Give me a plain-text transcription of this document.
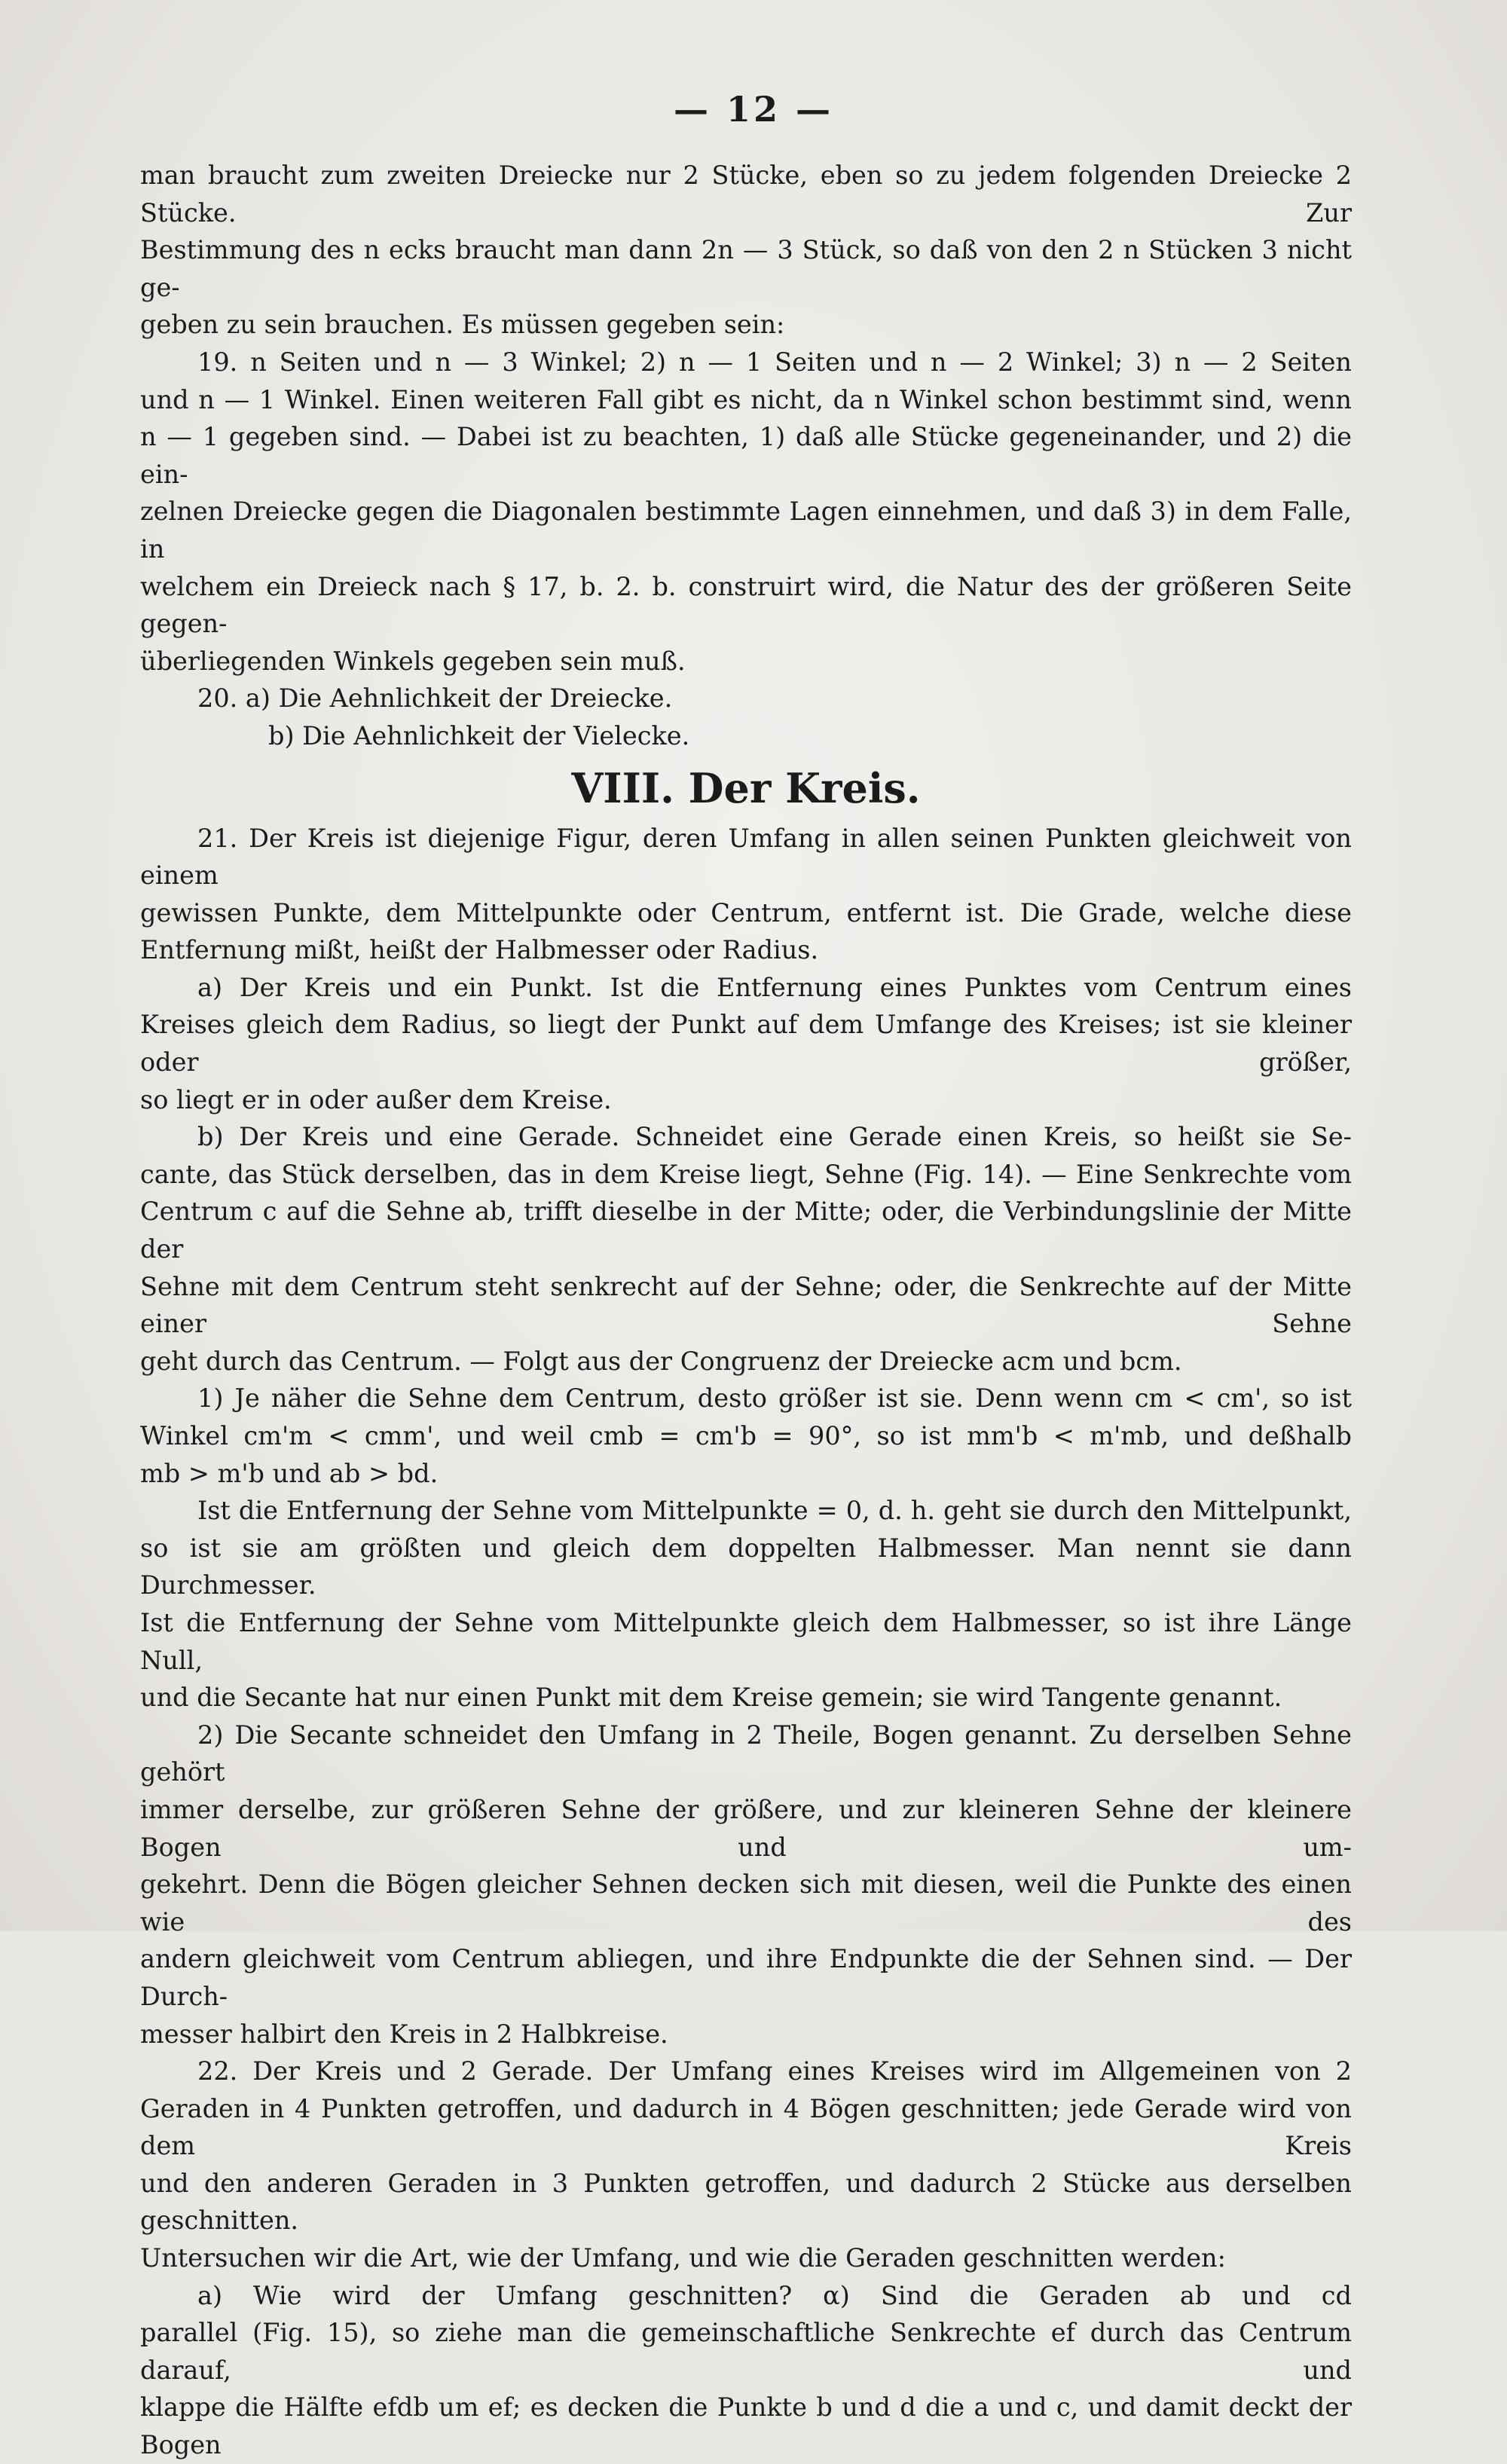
— 12 —

man braucht zum zweiten Dreiecke nur 2 Stücke, eben so zu jedem folgenden Dreiecke 2 Stücke. Zur

Bestimmung des n ecks braucht man dann 2n — 3 Stück, so daß von den 2 n Stücken 3 nicht ge-

geben zu sein brauchen. Es müssen gegeben sein:

19. n Seiten und n — 3 Winkel; 2) n — 1 Seiten und n — 2 Winkel; 3) n — 2 Seiten

und n — 1 Winkel. Einen weiteren Fall gibt es nicht, da n Winkel schon bestimmt sind, wenn

n — 1 gegeben sind. — Dabei ist zu beachten, 1) daß alle Stücke gegeneinander, und 2) die ein-

zelnen Dreiecke gegen die Diagonalen bestimmte Lagen einnehmen, und daß 3) in dem Falle, in

welchem ein Dreieck nach § 17, b. 2. b. construirt wird, die Natur des der größeren Seite gegen-

überliegenden Winkels gegeben sein muß.

20. a) Die Aehnlichkeit der Dreiecke.

b) Die Aehnlichkeit der Vielecke.

VIII. Der Kreis.

21. Der Kreis ist diejenige Figur, deren Umfang in allen seinen Punkten gleichweit von einem

gewissen Punkte, dem Mittelpunkte oder Centrum, entfernt ist. Die Grade, welche diese

Entfernung mißt, heißt der Halbmesser oder Radius.

a) Der Kreis und ein Punkt. Ist die Entfernung eines Punktes vom Centrum eines

Kreises gleich dem Radius, so liegt der Punkt auf dem Umfange des Kreises; ist sie kleiner oder größer,

so liegt er in oder außer dem Kreise.

b) Der Kreis und eine Gerade. Schneidet eine Gerade einen Kreis, so heißt sie Se-

cante, das Stück derselben, das in dem Kreise liegt, Sehne (Fig. 14). — Eine Senkrechte vom

Centrum c auf die Sehne ab, trifft dieselbe in der Mitte; oder, die Verbindungslinie der Mitte der

Sehne mit dem Centrum steht senkrecht auf der Sehne; oder, die Senkrechte auf der Mitte einer Sehne

geht durch das Centrum. — Folgt aus der Congruenz der Dreiecke acm und bcm.

1) Je näher die Sehne dem Centrum, desto größer ist sie. Denn wenn cm < cm', so ist

Winkel cm'm < cmm', und weil cmb = cm'b = 90°, so ist mm'b < m'mb, und deßhalb

mb > m'b und ab > bd.

Ist die Entfernung der Sehne vom Mittelpunkte = 0, d. h. geht sie durch den Mittelpunkt,

so ist sie am größten und gleich dem doppelten Halbmesser. Man nennt sie dann Durchmesser.

Ist die Entfernung der Sehne vom Mittelpunkte gleich dem Halbmesser, so ist ihre Länge Null,

und die Secante hat nur einen Punkt mit dem Kreise gemein; sie wird Tangente genannt.

2) Die Secante schneidet den Umfang in 2 Theile, Bogen genannt. Zu derselben Sehne gehört

immer derselbe, zur größeren Sehne der größere, und zur kleineren Sehne der kleinere Bogen und um-

gekehrt. Denn die Bögen gleicher Sehnen decken sich mit diesen, weil die Punkte des einen wie des

andern gleichweit vom Centrum abliegen, und ihre Endpunkte die der Sehnen sind. — Der Durch-

messer halbirt den Kreis in 2 Halbkreise.

22. Der Kreis und 2 Gerade. Der Umfang eines Kreises wird im Allgemeinen von 2

Geraden in 4 Punkten getroffen, und dadurch in 4 Bögen geschnitten; jede Gerade wird von dem Kreis

und den anderen Geraden in 3 Punkten getroffen, und dadurch 2 Stücke aus derselben geschnitten.

Untersuchen wir die Art, wie der Umfang, und wie die Geraden geschnitten werden:

a) Wie wird der Umfang geschnitten? α) Sind die Geraden ab und cd

parallel (Fig. 15), so ziehe man die gemeinschaftliche Senkrechte ef durch das Centrum darauf, und

klappe die Hälfte efdb um ef; es decken die Punkte b und d die a und c, und damit deckt der Bogen
